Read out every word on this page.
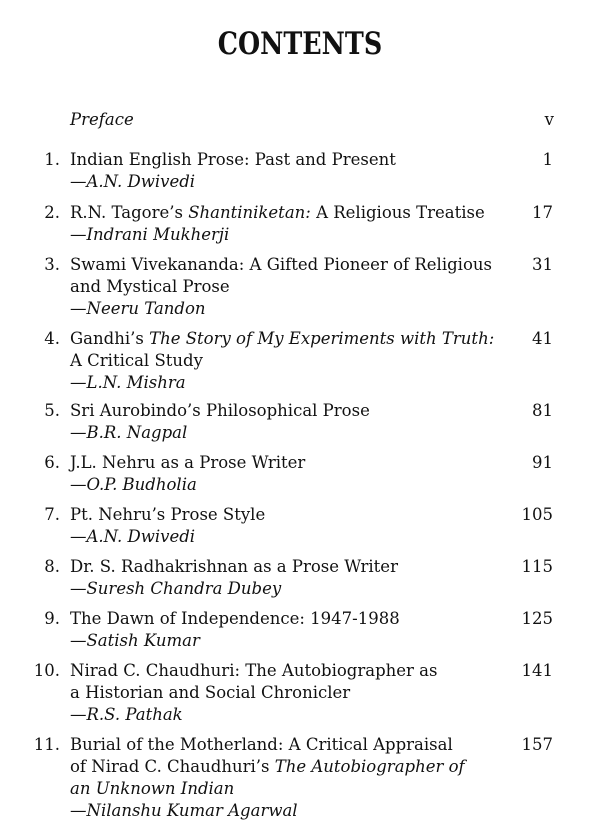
CONTENTS
Preface	v
1. Indian English Prose: Past and Present
—A.N. Dwivedi
1
2. R.N. Tagore’s Shantiniketan: A Religious Treatise
—Indrani Mukherji
17
3. Swami Vivekananda: A Gifted Pioneer of Religious
and Mystical Prose
—Neeru Tandon
31
4. Gandhi’s The Story of My Experiments with Truth:
A Critical Study
—L.N. Mishra
41
5. Sri Aurobindo’s Philosophical Prose
—B.R. Nagpal
81
6. J.L. Nehru as a Prose Writer
—O.P. Budholia
91
7. Pt. Nehru’s Prose Style
—A.N. Dwivedi
105
8. Dr. S. Radhakrishnan as a Prose Writer
—Suresh Chandra Dubey
115
9. The Dawn of Independence: 1947-1988
—Satish Kumar
125
10. Nirad C. Chaudhuri: The Autobiographer as
a Historian and Social Chronicler
—R.S. Pathak
141
11. Burial of the Motherland: A Critical Appraisal
of Nirad C. Chaudhuri’s The Autobiographer of
an Unknown Indian
—Nilanshu Kumar Agarwal
157
